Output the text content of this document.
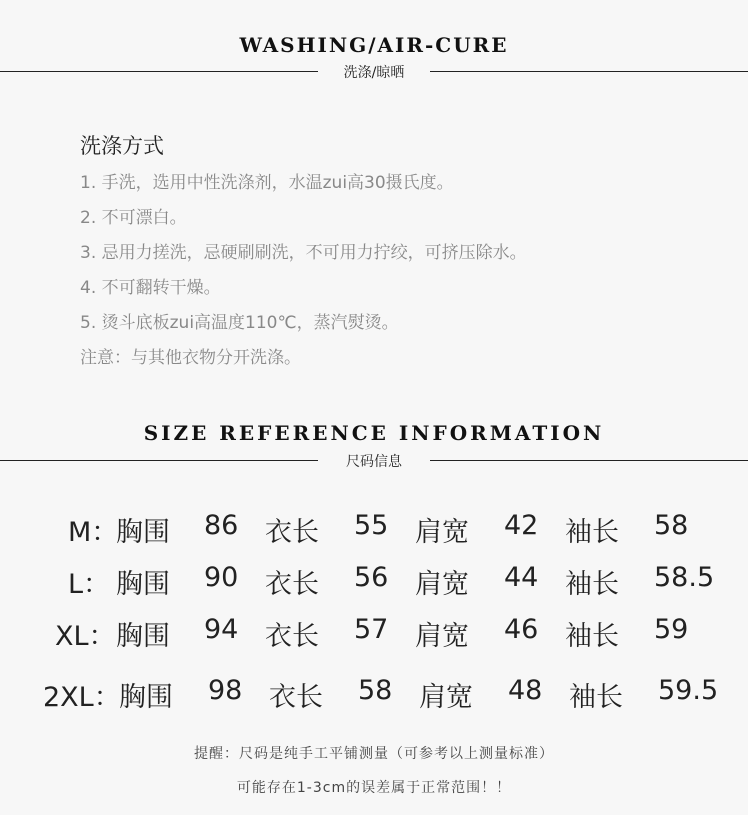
WASHING/AIR-CURE
洗涤/晾晒
洗涤方式
1. 手洗，选用中性洗涤剂，水温zui高30摄氏度。
2. 不可漂白。
3. 忌用力搓洗，忌硬刷刷洗，不可用力拧绞，可挤压除水。
4. 不可翻转干燥。
5. 烫斗底板zui高温度110℃，蒸汽熨烫。
注意：与其他衣物分开洗涤。
SIZE REFERENCE INFORMATION
尺码信息
M：
胸围 86 衣长 55 肩宽 42 袖长 58
L： 胸围 90 衣长 56 肩宽 44 袖长 58.5
XL： 胸围 94 衣长 57 肩宽 46 袖长 59
2XL：
胸围 98 衣长 58 肩宽 48 袖长 59.5
提醒：尺码是纯手工平铺测量（可参考以上测量标准）
可能存在1-3cm的误差属于正常范围！！
